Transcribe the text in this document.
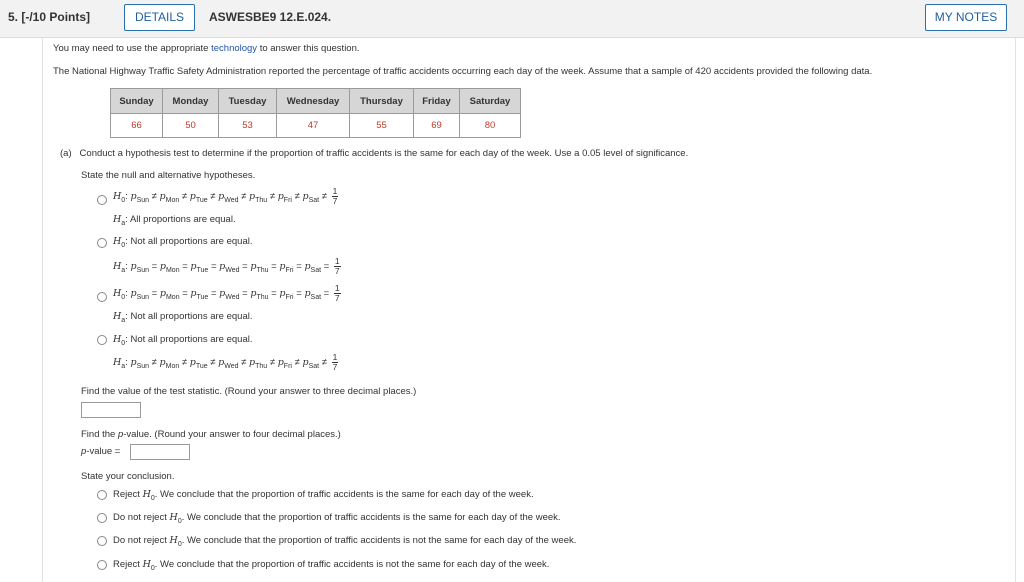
5. [-/10 Points]	DETAILS	ASWESBE9 12.E.024.	MY NOTES
You may need to use the appropriate technology to answer this question.
The National Highway Traffic Safety Administration reported the percentage of traffic accidents occurring each day of the week. Assume that a sample of 420 accidents provided the following data.
Sunday	Monday	Tuesday	Wednesday	Thursday	Friday	Saturday
66	50	53	47	55	69	80
(a) Conduct a hypothesis test to determine if the proportion of traffic accidents is the same for each day of the week. Use a 0.05 level of significance.
State the null and alternative hypotheses.
$H_0$: $p_{Sun} \ne p_{Mon} \ne p_{Tue} \ne p_{Wed} \ne p_{Thu} \ne p_{Fri} \ne p_{Sat} \ne \frac{1}{7}$
$H_a$: All proportions are equal.
$H_0$: Not all proportions are equal.
$H_a$: $p_{Sun} = p_{Mon} = p_{Tue} = p_{Wed} = p_{Thu} = p_{Fri} = p_{Sat} = \frac{1}{7}$
$H_0$: $p_{Sun} = p_{Mon} = p_{Tue} = p_{Wed} = p_{Thu} = p_{Fri} = p_{Sat} = \frac{1}{7}$
$H_a$: Not all proportions are equal.
$H_0$: Not all proportions are equal.
$H_a$: $p_{Sun} \ne p_{Mon} \ne p_{Tue} \ne p_{Wed} \ne p_{Thu} \ne p_{Fri} \ne p_{Sat} \ne \frac{1}{7}$
Find the value of the test statistic. (Round your answer to three decimal places.)
Find the p-value. (Round your answer to four decimal places.)
p-value =
State your conclusion.
Reject $H_0$. We conclude that the proportion of traffic accidents is the same for each day of the week.
Do not reject $H_0$. We conclude that the proportion of traffic accidents is the same for each day of the week.
Do not reject $H_0$. We conclude that the proportion of traffic accidents is not the same for each day of the week.
Reject $H_0$. We conclude that the proportion of traffic accidents is not the same for each day of the week.
